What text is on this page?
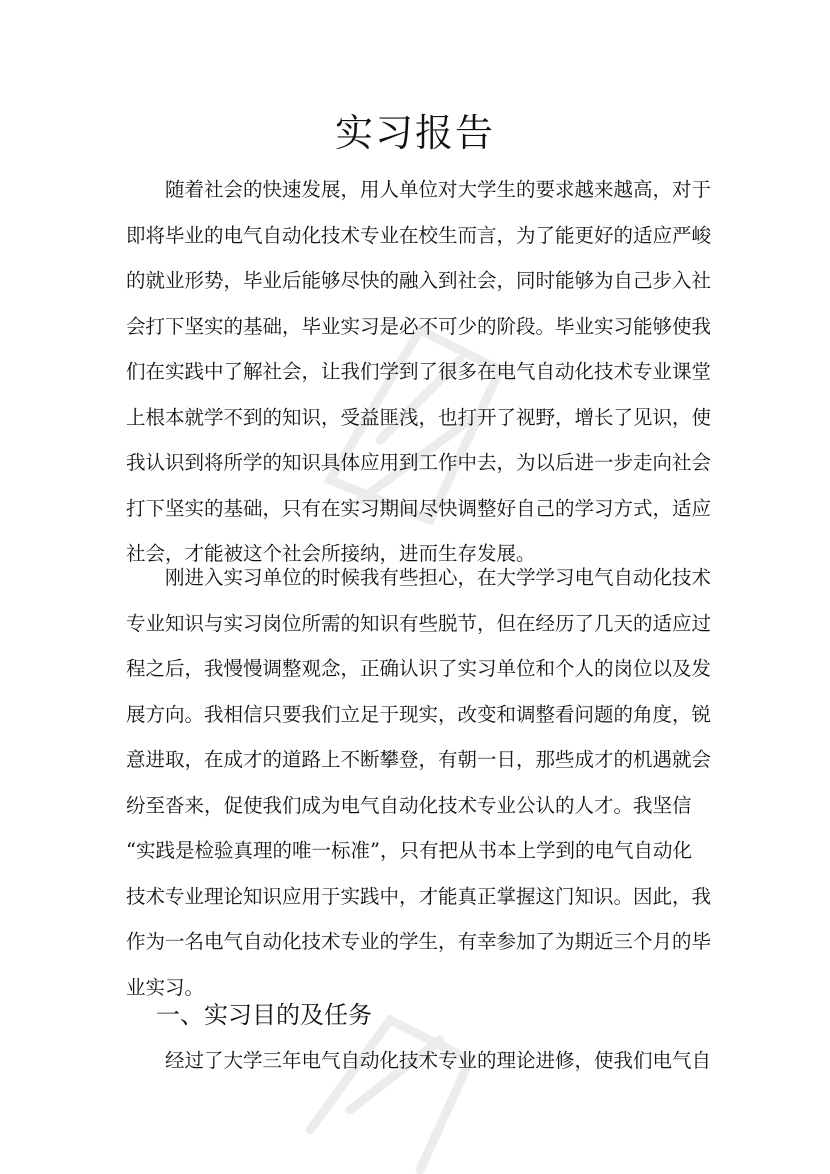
实习报告
随着社会的快速发展，用人单位对大学生的要求越来越高，对于
即将毕业的电气自动化技术专业在校生而言，为了能更好的适应严峻
的就业形势，毕业后能够尽快的融入到社会，同时能够为自己步入社
会打下坚实的基础，毕业实习是必不可少的阶段。毕业实习能够使我
们在实践中了解社会，让我们学到了很多在电气自动化技术专业课堂
上根本就学不到的知识，受益匪浅，也打开了视野，增长了见识，使
我认识到将所学的知识具体应用到工作中去，为以后进一步走向社会
打下坚实的基础，只有在实习期间尽快调整好自己的学习方式，适应
社会，才能被这个社会所接纳，进而生存发展。
刚进入实习单位的时候我有些担心，在大学学习电气自动化技术
专业知识与实习岗位所需的知识有些脱节，但在经历了几天的适应过
程之后，我慢慢调整观念，正确认识了实习单位和个人的岗位以及发
展方向。我相信只要我们立足于现实，改变和调整看问题的角度，锐
意进取，在成才的道路上不断攀登，有朝一日，那些成才的机遇就会
纷至沓来，促使我们成为电气自动化技术专业公认的人才。我坚信
“实践是检验真理的唯一标准”，只有把从书本上学到的电气自动化
技术专业理论知识应用于实践中，才能真正掌握这门知识。因此，我
作为一名电气自动化技术专业的学生，有幸参加了为期近三个月的毕
业实习。
一、实习目的及任务
经过了大学三年电气自动化技术专业的理论进修，使我们电气自
